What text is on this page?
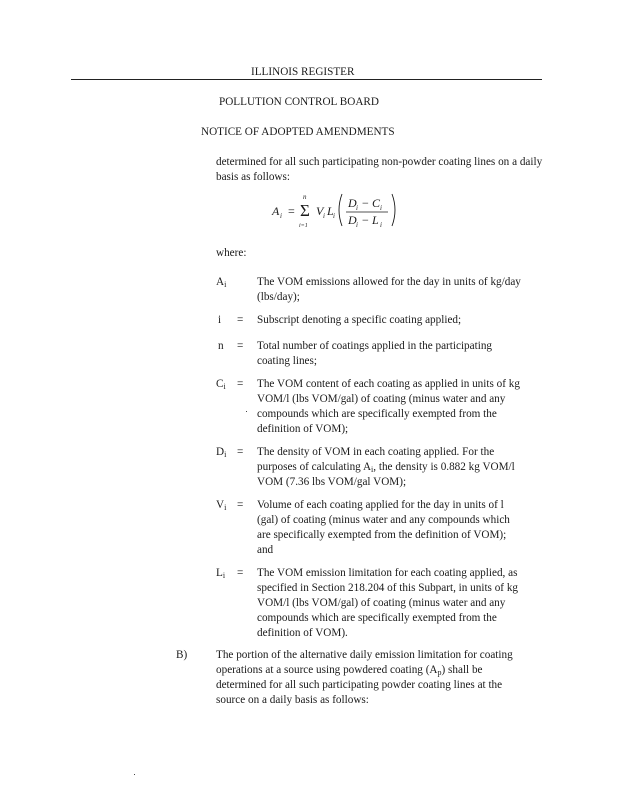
ILLINOIS REGISTER
POLLUTION CONTROL BOARD
NOTICE OF ADOPTED AMENDMENTS
determined for all such participating non-powder coating lines on a daily basis as follows:
A i =
n
Σ
i=1
V i L i
D i − C i
D i − L i
where:
$A_i$	The VOM emissions allowed for the day in units of kg/day
(lbs/day);
i	= Subscript denoting a specific coating applied;
n	= Total number of coatings applied in the participating
coating lines;
$C_i$	= The VOM content of each coating as applied in units of kg
VOM/l (lbs VOM/gal) of coating (minus water and any
compounds which are specifically exempted from the
definition of VOM);
$D_i$ = The density of VOM in each coating applied. For the
purposes of calculating $A_i$, the density is 0.882 kg VOM/l
VOM (7.36 lbs VOM/gal VOM);
$V_i$ = Volume of each coating applied for the day in units of l
(gal) of coating (minus water and any compounds which
are specifically exempted from the definition of VOM);
and
$L_i$	= The VOM emission limitation for each coating applied, as
specified in Section 218.204 of this Subpart, in units of kg
VOM/l (lbs VOM/gal) of coating (minus water and any
compounds which are specifically exempted from the
definition of VOM).
B)	The portion of the alternative daily emission limitation for coating
operations at a source using powdered coating $(A_p)$ shall be
determined for all such participating powder coating lines at the
source on a daily basis as follows:
